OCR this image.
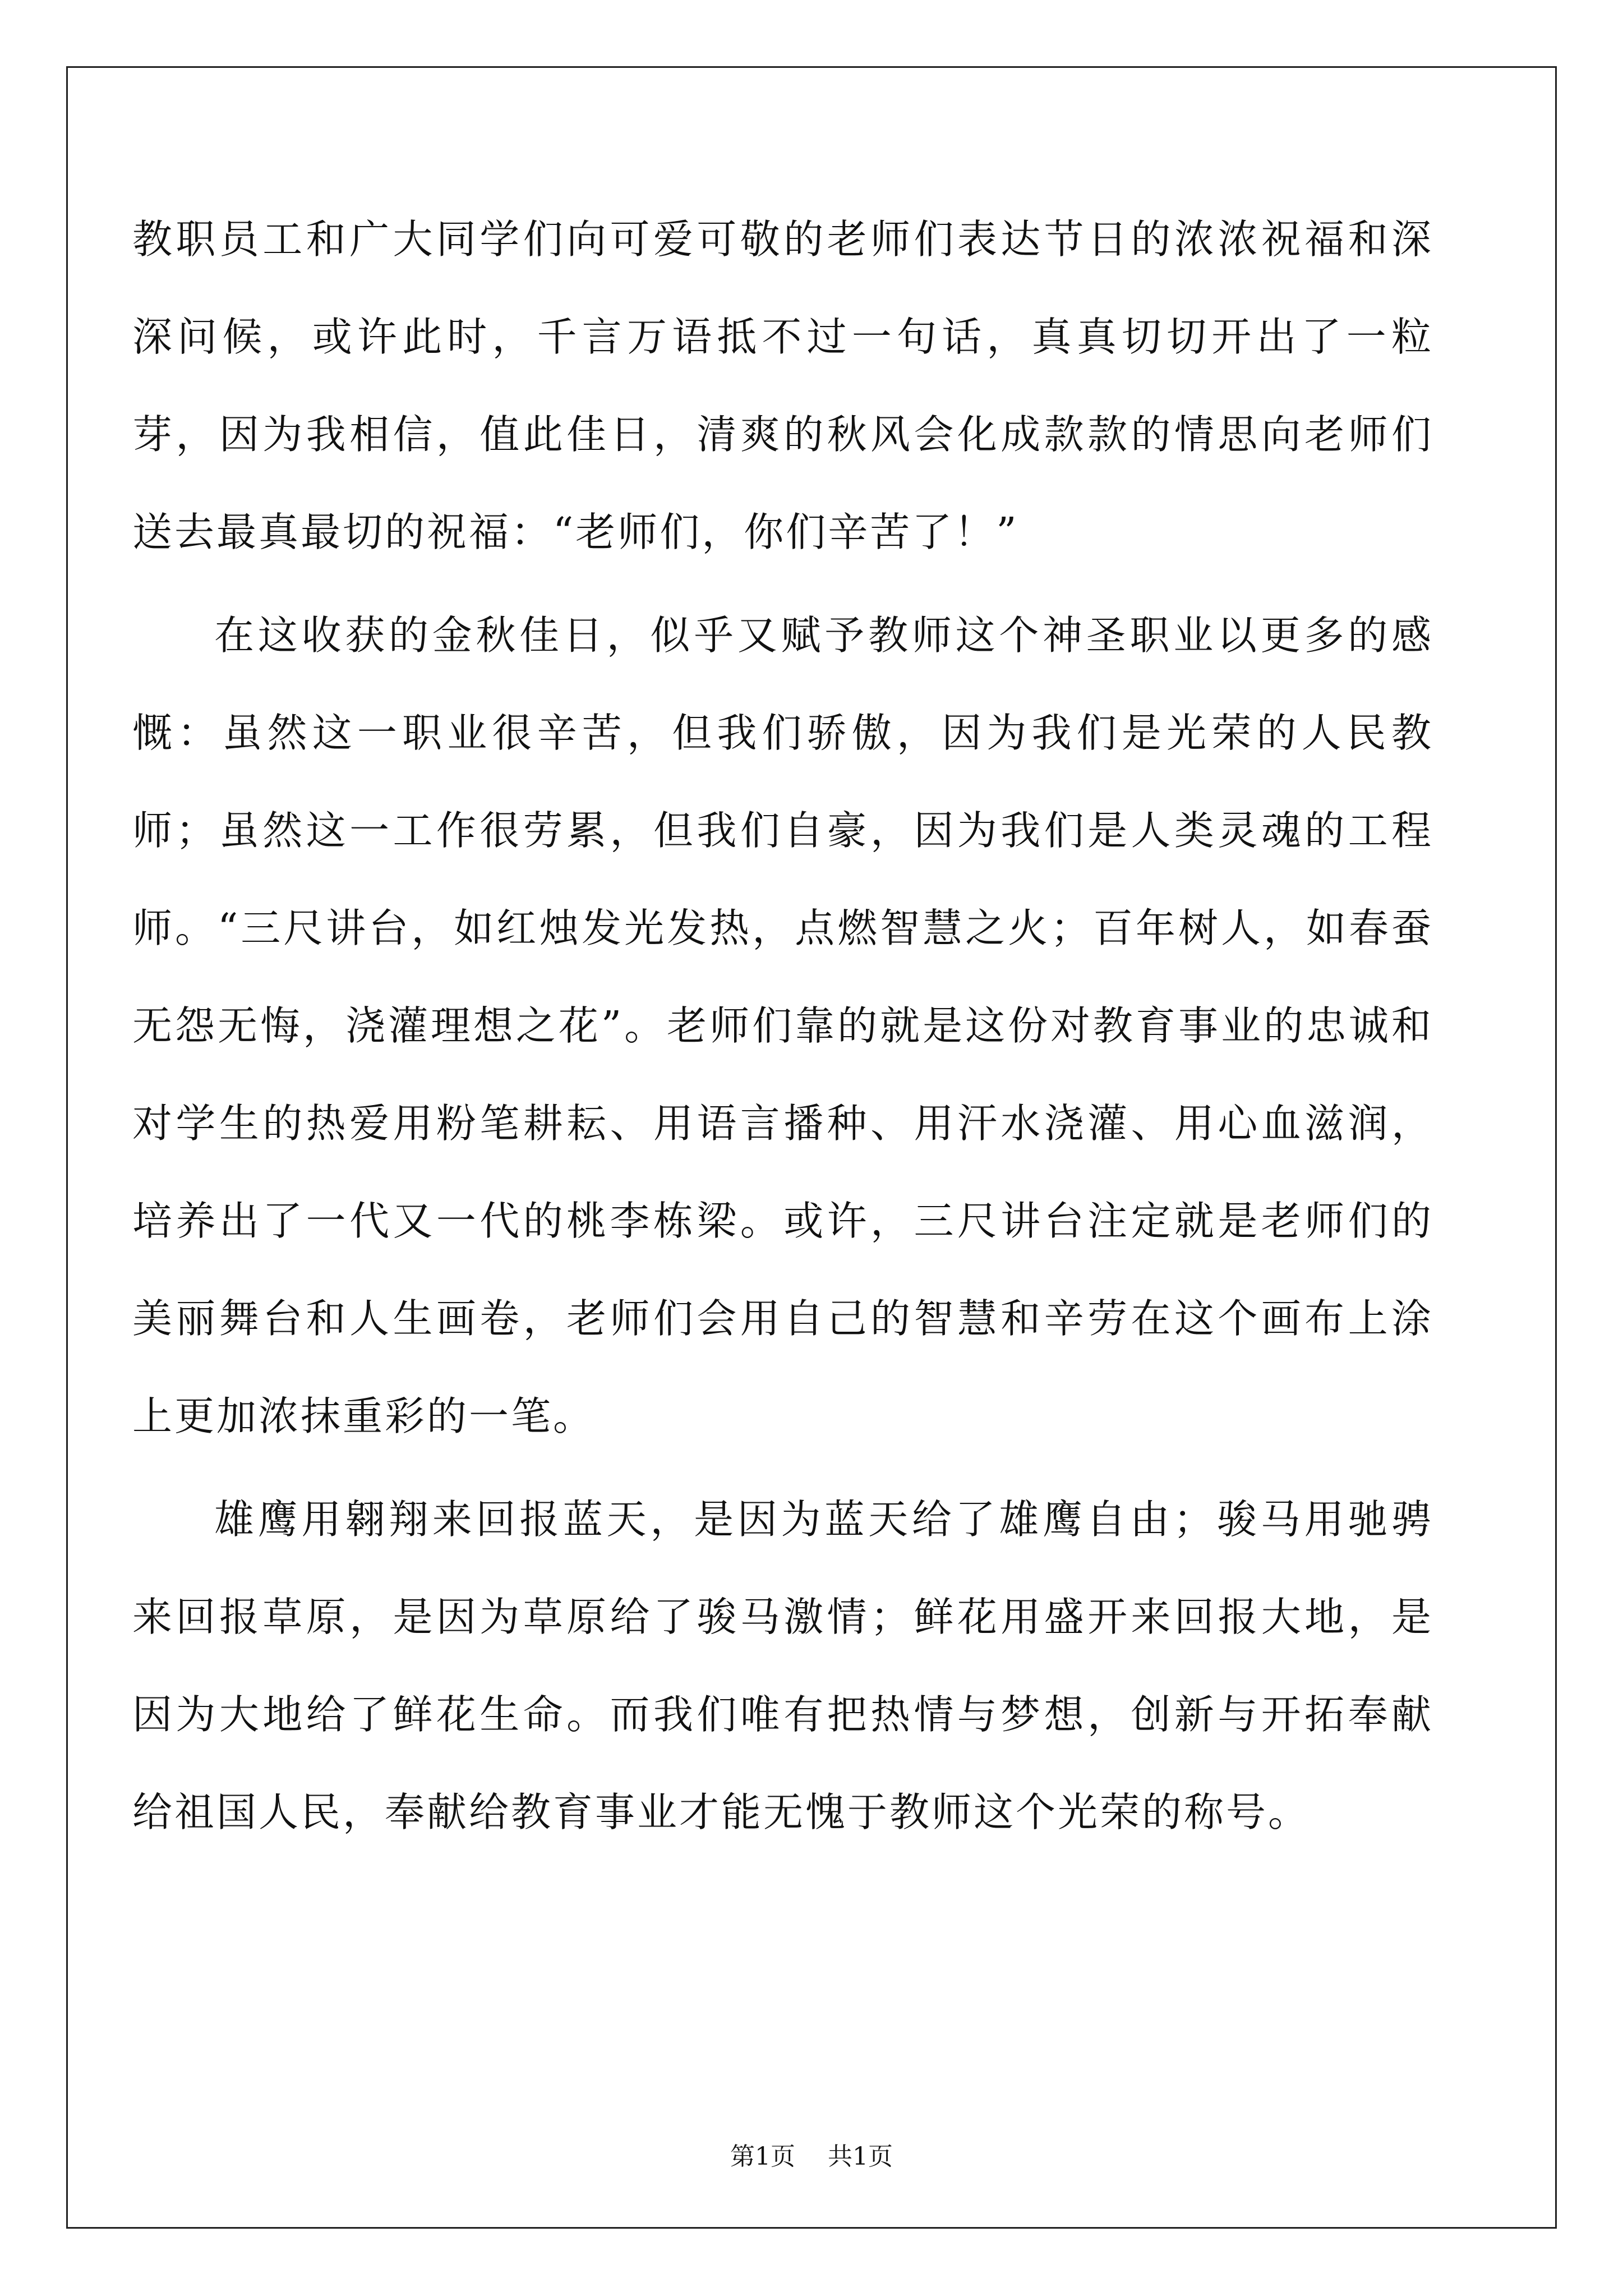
教职员工和广大同学们向可爱可敬的老师们表达节日的浓浓祝福和深深问候，或许此时，千言万语抵不过一句话，真真切切开出了一粒芽，因为我相信，值此佳日，清爽的秋风会化成款款的情思向老师们送去最真最切的祝福：“老师们，你们辛苦了！”

在这收获的金秋佳日，似乎又赋予教师这个神圣职业以更多的感慨：虽然这一职业很辛苦，但我们骄傲，因为我们是光荣的人民教师；虽然这一工作很劳累，但我们自豪，因为我们是人类灵魂的工程师。“三尺讲台，如红烛发光发热，点燃智慧之火；百年树人，如春蚕无怨无悔，浇灌理想之花”。老师们靠的就是这份对教育事业的忠诚和对学生的热爱用粉笔耕耘、用语言播种、用汗水浇灌、用心血滋润，培养出了一代又一代的桃李栋梁。或许，三尺讲台注定就是老师们的美丽舞台和人生画卷，老师们会用自己的智慧和辛劳在这个画布上涂上更加浓抹重彩的一笔。

雄鹰用翱翔来回报蓝天，是因为蓝天给了雄鹰自由；骏马用驰骋来回报草原，是因为草原给了骏马激情；鲜花用盛开来回报大地，是因为大地给了鲜花生命。而我们唯有把热情与梦想，创新与开拓奉献给祖国人民，奉献给教育事业才能无愧于教师这个光荣的称号。

第1页 共1页
